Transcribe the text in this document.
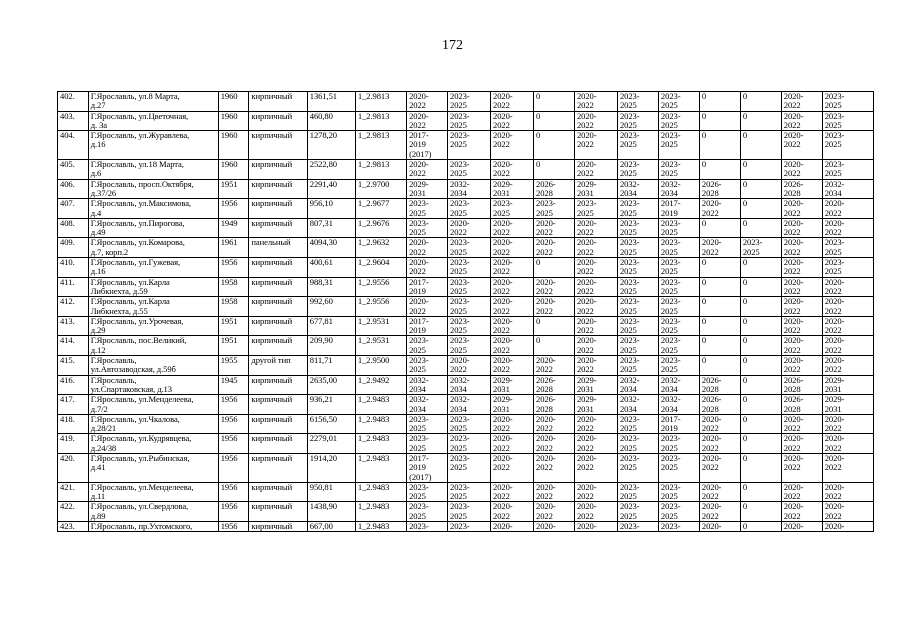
172
402.	Г.Ярославль, ул.8 Марта,
д.27	1960	кирпичный	1361,51	1_2.9813	2020-
2022	2023-
2025	2020-
2022	0	2020-
2022	2023-
2025	2023-
2025	0	0	2020-
2022	2023-
2025
403.	Г.Ярославль, ул.Цветочная,
д. 3а	1960	кирпичный	460,80	1_2.9813	2020-
2022	2023-
2025	2020-
2022	0	2020-
2022	2023-
2025	2023-
2025	0	0	2020-
2022	2023-
2025
404.	Г.Ярославль, ул.Журавлева,
д.16	1960	кирпичный	1278,20	1_2.9813	2017-
2019
(2017)	2023-
2025	2020-
2022	0	2020-
2022	2023-
2025	2023-
2025	0	0	2020-
2022	2023-
2025
405.	Г.Ярославль, ул.18 Марта,
д.6	1960	кирпичный	2522,80	1_2.9813	2020-
2022	2023-
2025	2020-
2022	0	2020-
2022	2023-
2025	2023-
2025	0	0	2020-
2022	2023-
2025
406.	Г.Ярославль, просп.Октября,
д.37/26	1951	кирпичный	2291,40	1_2.9700	2029-
2031	2032-
2034	2029-
2031	2026-
2028	2029-
2031	2032-
2034	2032-
2034	2026-
2028	0	2026-
2028	2032-
2034
407.	Г.Ярославль, ул.Максимова,
д.4	1956	кирпичный	956,10	1_2.9677	2023-
2025	2023-
2025	2023-
2025	2023-
2025	2023-
2025	2023-
2025	2017-
2019	2020-
2022	0	2020-
2022	2020-
2022
408.	Г.Ярославль, ул.Пирогова,
д.49	1949	кирпичный	807,31	1_2.9676	2023-
2025	2020-
2022	2020-
2022	2020-
2022	2020-
2022	2023-
2025	2023-
2025	0	0	2020-
2022	2020-
2022
409.	Г.Ярославль, ул.Комарова,
д.7, корп.2	1961	панельный	4094,30	1_2.9632	2020-
2022	2023-
2025	2020-
2022	2020-
2022	2020-
2022	2023-
2025	2023-
2025	2020-
2022	2023-
2025	2020-
2022	2023-
2025
410.	Г.Ярославль, ул.Гужевая,
д.16	1956	кирпичный	400,61	1_2.9604	2020-
2022	2023-
2025	2020-
2022	0	2020-
2022	2023-
2025	2023-
2025	0	0	2020-
2022	2023-
2025
411.	Г.Ярославль, ул.Карла
Либкнехта, д.59	1958	кирпичный	988,31	1_2.9556	2017-
2019	2023-
2025	2020-
2022	2020-
2022	2020-
2022	2023-
2025	2023-
2025	0	0	2020-
2022	2020-
2022
412.	Г.Ярославль, ул.Карла
Либкнехта, д.55	1958	кирпичный	992,60	1_2.9556	2020-
2022	2023-
2025	2020-
2022	2020-
2022	2020-
2022	2023-
2025	2023-
2025	0	0	2020-
2022	2020-
2022
413.	Г.Ярославль, ул.Урочевая,
д.29	1951	кирпичный	677,81	1_2.9531	2017-
2019	2023-
2025	2020-
2022	0	2020-
2022	2023-
2025	2023-
2025	0	0	2020-
2022	2020-
2022
414.	Г.Ярославль, пос.Великий,
д.12	1951	кирпичный	209,90	1_2.9531	2023-
2025	2023-
2025	2020-
2022	0	2020-
2022	2023-
2025	2023-
2025	0	0	2020-
2022	2020-
2022
415.	Г.Ярославль,
ул.Автозаводская, д.59б	1955	другой тип	811,71	1_2.9500	2023-
2025	2020-
2022	2020-
2022	2020-
2022	2020-
2022	2023-
2025	2023-
2025	0	0	2020-
2022	2020-
2022
416.	Г.Ярославль,
ул.Спартаковская, д.13	1945	кирпичный	2635,00	1_2.9492	2032-
2034	2032-
2034	2029-
2031	2026-
2028	2029-
2031	2032-
2034	2032-
2034	2026-
2028	0	2026-
2028	2029-
2031
417.	Г.Ярославль, ул.Менделеева,
д.7/2	1956	кирпичный	936,21	1_2.9483	2032-
2034	2032-
2034	2029-
2031	2026-
2028	2029-
2031	2032-
2034	2032-
2034	2026-
2028	0	2026-
2028	2029-
2031
418.	Г.Ярославль, ул.Чкалова,
д.28/21	1956	кирпичный	6156,50	1_2.9483	2023-
2025	2023-
2025	2020-
2022	2020-
2022	2020-
2022	2023-
2025	2017-
2019	2020-
2022	0	2020-
2022	2020-
2022
419.	Г.Ярославль, ул.Кудрявцева,
д.24/38	1956	кирпичный	2279,01	1_2.9483	2023-
2025	2023-
2025	2020-
2022	2020-
2022	2020-
2022	2023-
2025	2023-
2025	2020-
2022	0	2020-
2022	2020-
2022
420.	Г.Ярославль, ул.Рыбинская,
д.41	1956	кирпичный	1914,20	1_2.9483	2017-
2019
(2017)	2023-
2025	2020-
2022	2020-
2022	2020-
2022	2023-
2025	2023-
2025	2020-
2022	0	2020-
2022	2020-
2022
421.	Г.Ярославль, ул.Менделеева,
д.11	1956	кирпичный	950,81	1_2.9483	2023-
2025	2023-
2025	2020-
2022	2020-
2022	2020-
2022	2023-
2025	2023-
2025	2020-
2022	0	2020-
2022	2020-
2022
422.	Г.Ярославль, ул.Свердлова,
д.89	1956	кирпичный	1438,90	1_2.9483	2023-
2025	2023-
2025	2020-
2022	2020-
2022	2020-
2022	2023-
2025	2023-
2025	2020-
2022	0	2020-
2022	2020-
2022
423.	Г.Ярославль, пр.Ухтомского,	1956	кирпичный	667,00	1_2.9483	2023-	2023-	2020-	2020-	2020-	2023-	2023-	2020-	0	2020-	2020-
